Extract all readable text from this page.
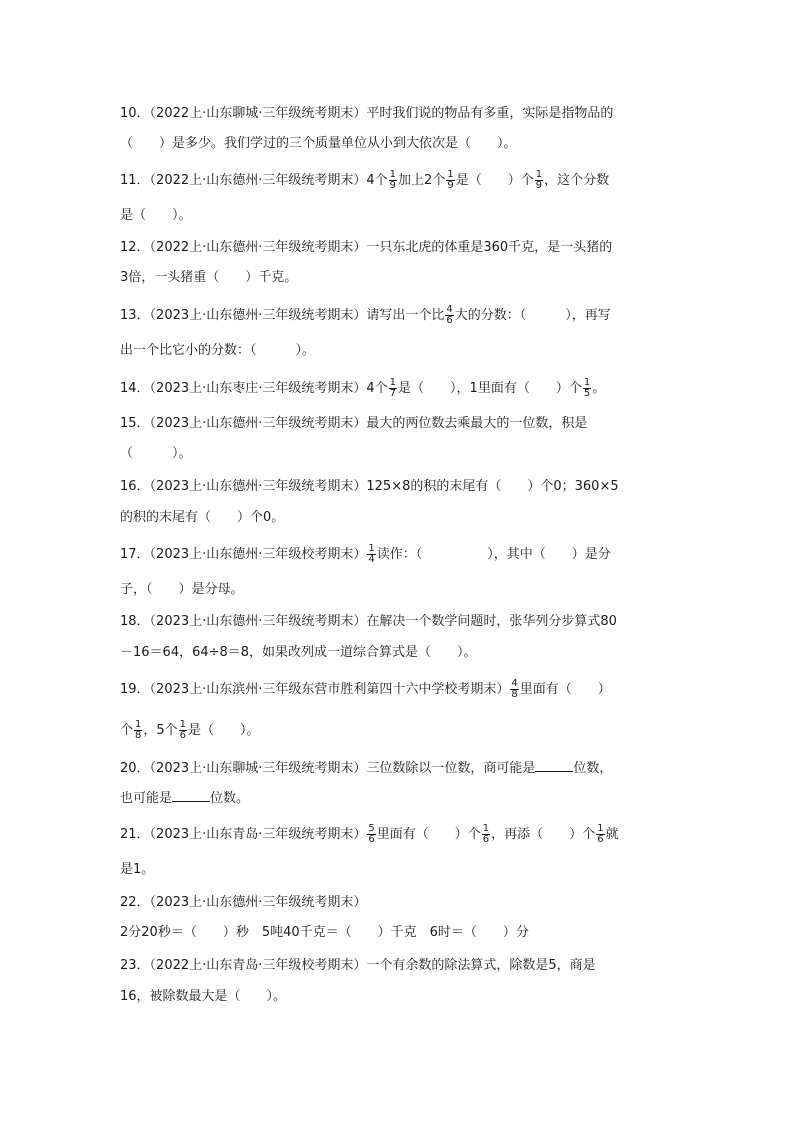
10．（2022上·山东聊城·三年级统考期末）平时我们说的物品有多重，实际是指物品的
（　　）是多少。我们学过的三个质量单位从小到大依次是（　　）。
11．（2022上·山东德州·三年级统考期末）4个 $\frac{1}{9}$ 加上2个 $\frac{1}{9}$ 是（　　）个 $\frac{1}{9}$ ，这个分数
是（　　）。
12．（2022上·山东德州·三年级统考期末）一只东北虎的体重是360千克，是一头猪的
3倍，一头猪重（　　）千克。
13．（2023上·山东德州·三年级统考期末）请写出一个比 $\frac{4}{6}$ 大的分数：（　　　），再写
出一个比它小的分数：（　　　）。
14．（2023上·山东枣庄·三年级统考期末）4个 $\frac{1}{7}$ 是（　　），1里面有（　　）个 $\frac{1}{5}$ 。
15．（2023上·山东德州·三年级统考期末）最大的两位数去乘最大的一位数，积是
（　　　）。
16．（2023上·山东德州·三年级统考期末）125×8的积的末尾有（　　）个0；360×5
的积的末尾有（　　）个0。
17．（2023上·山东德州·三年级校考期末） $\frac{1}{4}$ 读作：（　　　　　），其中（　　）是分
子，（　　）是分母。
18．（2023上·山东德州·三年级统考期末）在解决一个数学问题时，张华列分步算式80
－16＝64，64÷8＝8，如果改列成一道综合算式是（　　）。
19．（2023上·山东滨州·三年级东营市胜利第四十六中学校考期末） $\frac{4}{8}$ 里面有（　　）
个 $\frac{1}{8}$ ，5个 $\frac{1}{6}$ 是（　　）。
20．（2023上·山东聊城·三年级统考期末）三位数除以一位数，商可能是	位数，
也可能是	位数。
21．（2023上·山东青岛·三年级统考期末） $\frac{5}{6}$ 里面有（　　）个 $\frac{1}{6}$ ，再添（　　）个 $\frac{1}{6}$ 就
是1。
22．（2023上·山东德州·三年级统考期末）
2分20秒＝（　　）秒　5吨40千克＝（　　）千克　6时＝（　　）分
23．（2022上·山东青岛·三年级校考期末）一个有余数的除法算式，除数是5，商是
16，被除数最大是（　　）。
